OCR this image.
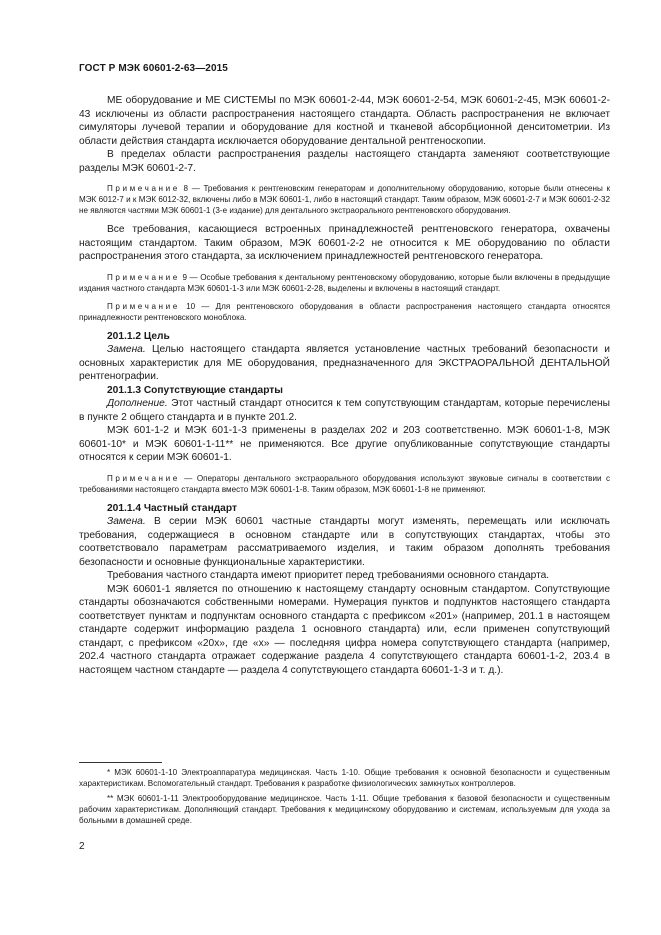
ГОСТ Р МЭК 60601-2-63—2015

МЕ оборудование и МЕ СИСТЕМЫ по МЭК 60601-2-44, МЭК 60601-2-54, МЭК 60601-2-45, МЭК 60601-2-43 исключены из области распространения настоящего стандарта. Область распространения не включает симуляторы лучевой терапии и оборудование для костной и тканевой абсорбционной денситометрии. Из области действия стандарта исключается оборудование дентальной рентгеноскопии.

В пределах области распространения разделы настоящего стандарта заменяют соответствующие разделы МЭК 60601-2-7.

Примечание 8 — Требования к рентгеновским генераторам и дополнительному оборудованию, которые были отнесены к МЭК 6012-7 и к МЭК 6012-32, включены либо в МЭК 60601-1, либо в настоящий стандарт. Таким образом, МЭК 60601-2-7 и МЭК 60601-2-32 не являются частями МЭК 60601-1 (3-е издание) для дентального экстраорального рентгеновского оборудования.

Все требования, касающиеся встроенных принадлежностей рентгеновского генератора, охвачены настоящим стандартом. Таким образом, МЭК 60601-2-2 не относится к МЕ оборудованию по области распространения этого стандарта, за исключением принадлежностей рентгеновского генератора.

Примечание 9 — Особые требования к дентальному рентгеновскому оборудованию, которые были включены в предыдущие издания частного стандарта МЭК 60601-1-3 или МЭК 60601-2-28, выделены и включены в настоящий стандарт.

Примечание 10 — Для рентгеновского оборудования в области распространения настоящего стандарта относятся принадлежности рентгеновского моноблока.

201.1.2 Цель

Замена. Целью настоящего стандарта является установление частных требований безопасности и основных характеристик для МЕ оборудования, предназначенного для ЭКСТРАОРАЛЬНОЙ ДЕНТАЛЬНОЙ рентгенографии.

201.1.3 Сопутствующие стандарты

Дополнение. Этот частный стандарт относится к тем сопутствующим стандартам, которые перечислены в пункте 2 общего стандарта и в пункте 201.2.

МЭК 601-1-2 и МЭК 601-1-3 применены в разделах 202 и 203 соответственно. МЭК 60601-1-8, МЭК 60601-10* и МЭК 60601-1-11** не применяются. Все другие опубликованные сопутствующие стандарты относятся к серии МЭК 60601-1.

Примечание — Операторы дентального экстраорального оборудования используют звуковые сигналы в соответствии с требованиями настоящего стандарта вместо МЭК 60601-1-8. Таким образом, МЭК 60601-1-8 не применяют.

201.1.4 Частный стандарт

Замена. В серии МЭК 60601 частные стандарты могут изменять, перемещать или исключать требования, содержащиеся в основном стандарте или в сопутствующих стандартах, чтобы это соответствовало параметрам рассматриваемого изделия, и таким образом дополнять требования безопасности и основные функциональные характеристики.

Требования частного стандарта имеют приоритет перед требованиями основного стандарта.

МЭК 60601-1 является по отношению к настоящему стандарту основным стандартом. Сопутствующие стандарты обозначаются собственными номерами. Нумерация пунктов и подпунктов настоящего стандарта соответствует пунктам и подпунктам основного стандарта с префиксом «201» (например, 201.1 в настоящем стандарте содержит информацию раздела 1 основного стандарта) или, если применен сопутствующий стандарт, с префиксом «20х», где «х» — последняя цифра номера сопутствующего стандарта (например, 202.4 частного стандарта отражает содержание раздела 4 сопутствующего стандарта 60601-1-2, 203.4 в настоящем частном стандарте — раздела 4 сопутствующего стандарта 60601-1-3 и т. д.).

* МЭК 60601-1-10 Электроаппаратура медицинская. Часть 1-10. Общие требования к основной безопасности и существенным характеристикам. Вспомогательный стандарт. Требования к разработке физиологических замкнутых контроллеров.

** МЭК 60601-1-11 Электрооборудование медицинское. Часть 1-11. Общие требования к базовой безопасности и существенным рабочим характеристикам. Дополняющий стандарт. Требования к медицинскому оборудованию и системам, используемым для ухода за больными в домашней среде.

2
